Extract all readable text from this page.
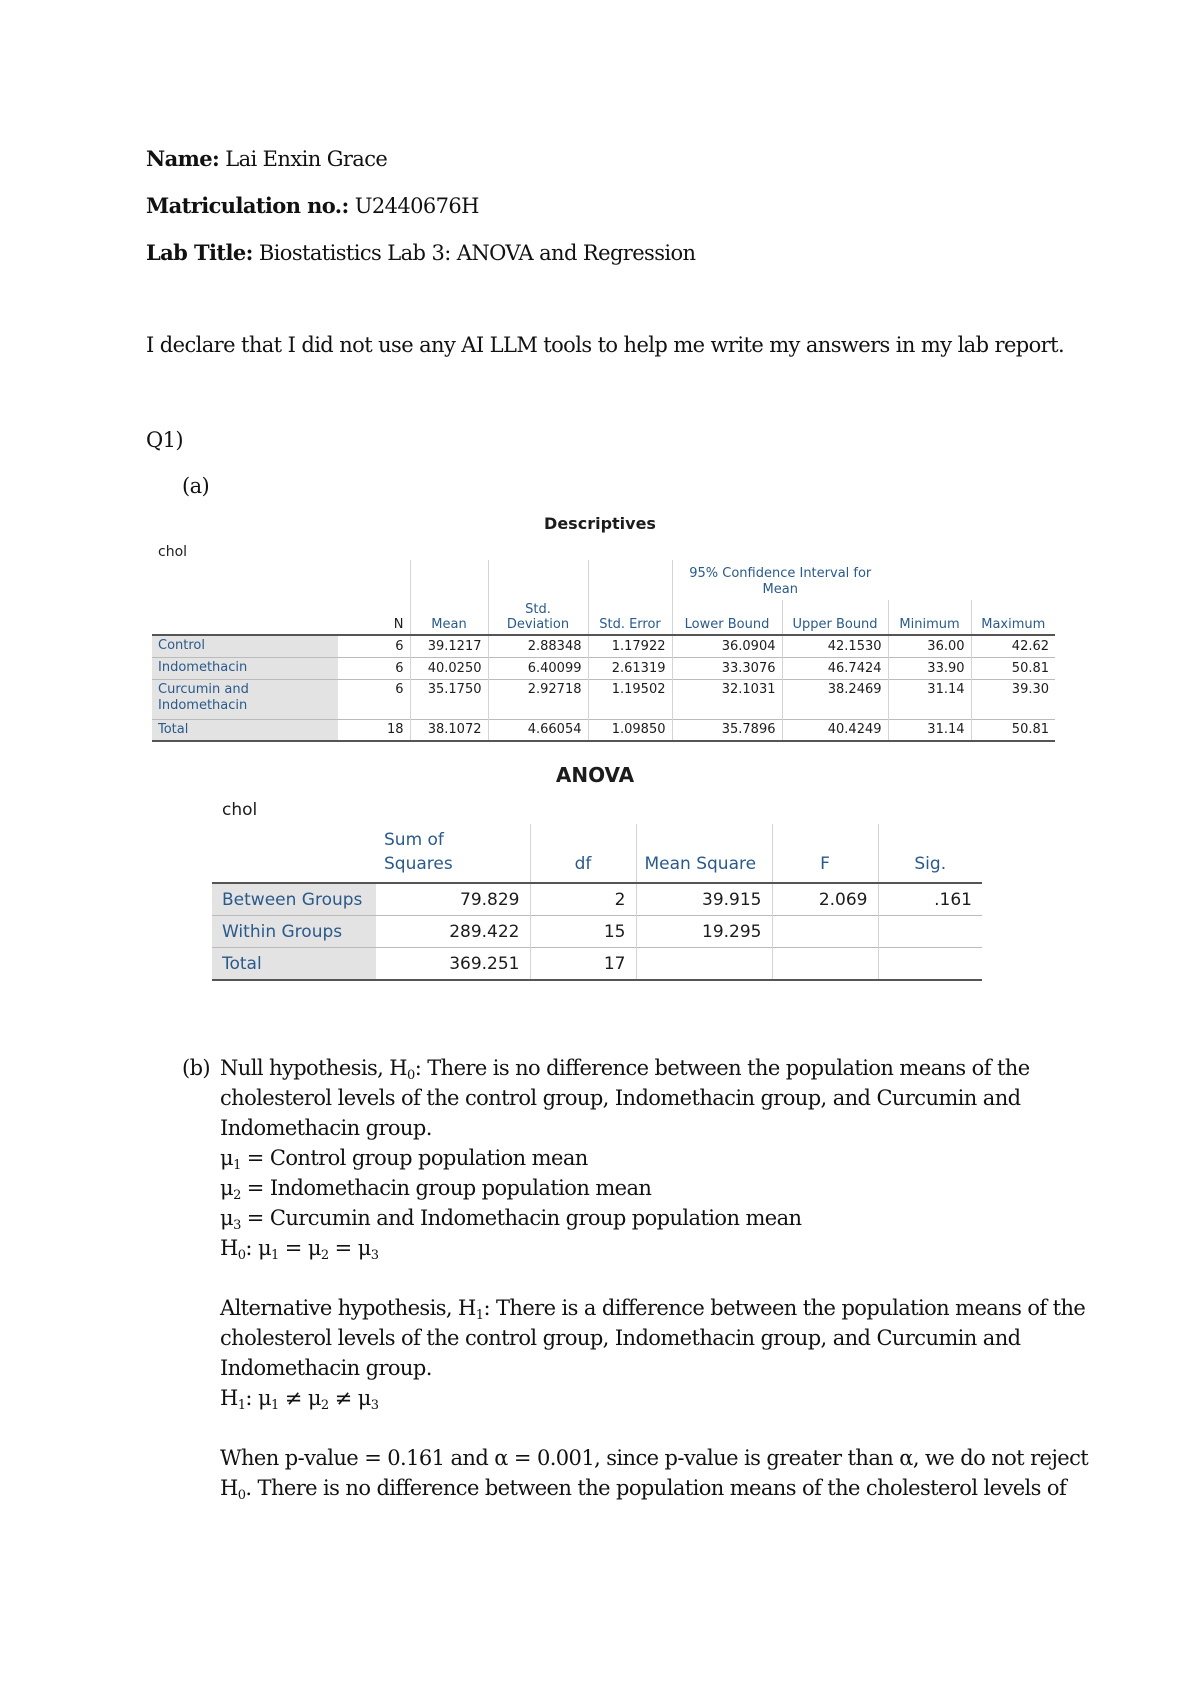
Name: Lai Enxin Grace
Matriculation no.: U2440676H
Lab Title: Biostatistics Lab 3: ANOVA and Regression
I declare that I did not use any AI LLM tools to help me write my answers in my lab report.
Q1)
(a)
Descriptives
chol

					95% Confidence Interval for
Mean			

	N	Mean	Std. Deviation	Std. Error	Lower Bound	Upper Bound	Minimum	Maximum
Control	6	39.1217	2.88348	1.17922	36.0904	42.1530	36.00	42.62
Indomethacin	6	40.0250	6.40099	2.61319	33.3076	46.7424	33.90	50.81

Curcumin and
Indomethacin	6	35.1750	2.92718	1.19502	32.1031	38.2469	31.14	39.30
Total	18	38.1072	4.66054	1.09850	35.7896	40.4249	31.14	50.81
ANOVA
chol

	Sum of
Squares	df	Mean Square	F	Sig.
Between Groups	79.829	2	39.915	2.069	.161
Within Groups	289.422	15	19.295		
Total	369.251	17			
(b) Null hypothesis, $H_0$: There is no difference between the population means of the
cholesterol levels of the control group, Indomethacin group, and Curcumin and
Indomethacin group.
$\mu_1$ = Control group population mean
$\mu_2$ = Indomethacin group population mean
$\mu_3$ = Curcumin and Indomethacin group population mean
$H_0$: $\mu_1 = \mu_2 = \mu_3$
Alternative hypothesis, $H_1$: There is a difference between the population means of the
cholesterol levels of the control group, Indomethacin group, and Curcumin and
Indomethacin group.
$H_1$: $\mu_1 \ne \mu_2 \ne \mu_3$
When p-value = 0.161 and α = 0.001, since p-value is greater than α, we do not reject
$H_0$. There is no difference between the population means of the cholesterol levels of
